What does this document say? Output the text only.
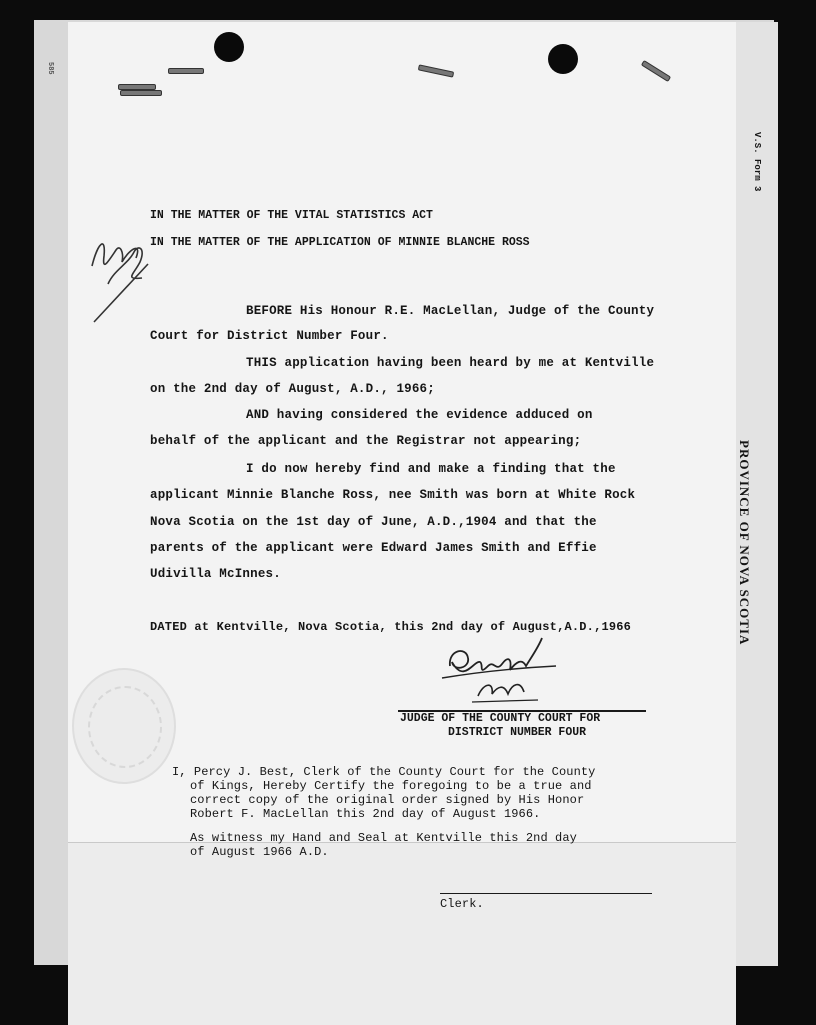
V.S. Form 3
PROVINCE OF NOVA SCOTIA
585
IN THE MATTER OF THE VITAL STATISTICS ACT
IN THE MATTER OF THE APPLICATION OF MINNIE BLANCHE ROSS
BEFORE His Honour R.E. MacLellan, Judge of the County
Court for District Number Four.
THIS application having been heard by me at Kentville
on the 2nd day of August, A.D., 1966;
AND having considered the evidence adduced on
behalf of the applicant and the Registrar not appearing;
I do now hereby find and make a finding that the
applicant Minnie Blanche Ross, nee Smith was born at White Rock
Nova Scotia on the 1st day of June, A.D.,1904 and that the
parents of the applicant were Edward James Smith and Effie
Udivilla McInnes.
DATED at Kentville, Nova Scotia, this 2nd day of August,A.D.,1966
JUDGE OF THE COUNTY COURT FOR
DISTRICT NUMBER FOUR
I, Percy J. Best, Clerk of the County Court for the County
of Kings, Hereby Certify the foregoing to be a true and
correct copy of the original order signed by His Honor
Robert F. MacLellan this 2nd day of August 1966.
As witness my Hand and Seal at Kentville this 2nd day
of August 1966 A.D.
Clerk.
